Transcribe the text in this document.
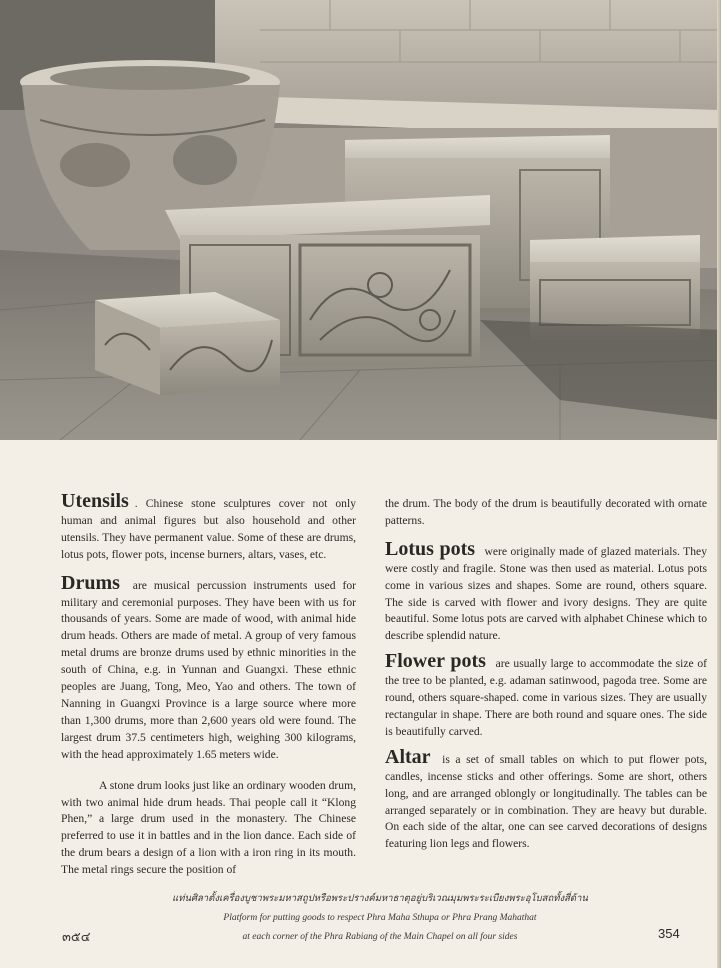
Utensils . Chinese stone sculptures cover not only human and animal figures but also household and other utensils. They have permanent value. Some of these are drums, lotus pots, flower pots, incense burners, altars, vases, etc.

Drums are musical percussion instruments used for military and ceremonial purposes. They have been with us for thousands of years. Some are made of wood, with animal hide drum heads. Others are made of metal. A group of very famous metal drums are bronze drums used by ethnic minorities in the south of China, e.g. in Yunnan and Guangxi. These ethnic peoples are Juang, Tong, Meo, Yao and others. The town of Nanning in Guangxi Province is a large source where more than 1,300 drums, more than 2,600 years old were found. The largest drum 37.5 centimeters high, weighing 300 kilograms, with the head approximately 1.65 meters wide.

A stone drum looks just like an ordinary wooden drum, with two animal hide drum heads. Thai people call it “Klong Phen,” a large drum used in the monastery. The Chinese preferred to use it in battles and in the lion dance. Each side of the drum bears a design of a lion with a iron ring in its mouth. The metal rings secure the position of

the drum. The body of the drum is beautifully decorated with ornate patterns.

Lotus pots were originally made of glazed materials. They were costly and fragile. Stone was then used as material. Lotus pots come in various sizes and shapes. Some are round, others square. The side is carved with flower and ivory designs. They are quite beautiful. Some lotus pots are carved with alphabet Chinese which to describe splendid nature.

Flower pots are usually large to accommodate the size of the tree to be planted, e.g. adaman satinwood, pagoda tree. Some are round, others square-shaped. come in various sizes. They are usually rectangular in shape. There are both round and square ones. The side is beautifully carved.

Altar is a set of small tables on which to put flower pots, candles, incense sticks and other offerings. Some are short, others long, and are arranged oblongly or longitudinally. The tables can be arranged separately or in combination. They are heavy but durable. On each side of the altar, one can see carved decorations of designs featuring lion legs and flowers.

แท่นศิลาตั้งเครื่องบูชาพระมหาสถูปหรือพระปรางค์มหาธาตุอยู่บริเวณมุมพระระเบียงพระอุโบสถทั้งสี่ด้าน
Platform for putting goods to respect Phra Maha Sthupa or Phra Prang Mahathat
at each corner of the Phra Rabiang of the Main Chapel on all four sides
๓๕๔	354
